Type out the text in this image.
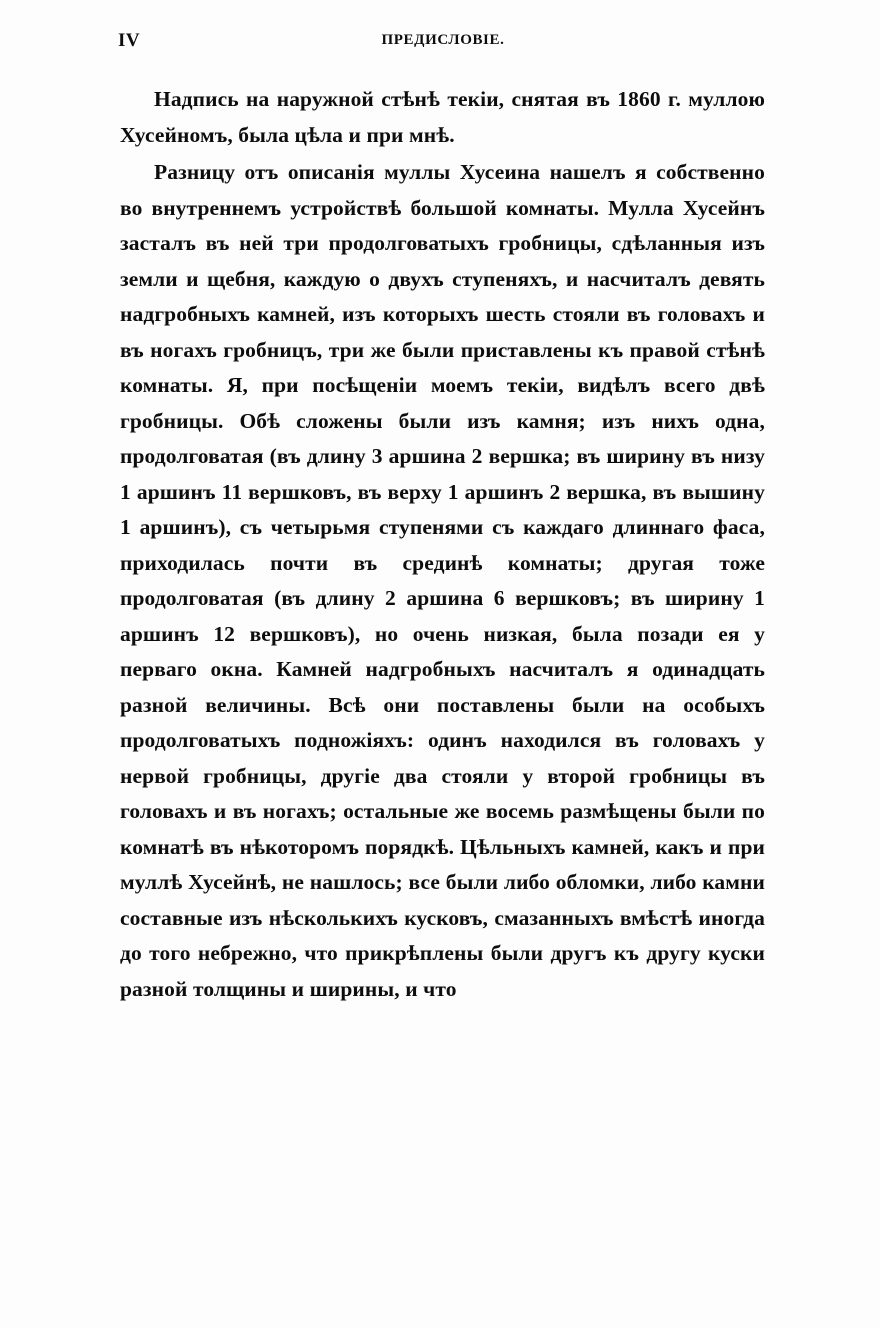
IV	ПРЕДИСЛОВІЕ.

Надпись на наружной стѣнѣ текіи, снятая въ 1860 г. муллою Хусейномъ, была цѣла и при мнѣ.

Разницу отъ описанія муллы Хусеина нашелъ я собственно во внутреннемъ устройствѣ большой комнаты. Мулла Хусейнъ засталъ въ ней три продолговатыхъ гробницы, сдѣланныя изъ земли и щебня, каждую о двухъ ступеняхъ, и насчиталъ девять надгробныхъ камней, изъ которыхъ шесть стояли въ головахъ и въ ногахъ гробницъ, три же были приставлены къ правой стѣнѣ комнаты. Я, при посѣщеніи моемъ текіи, видѣлъ всего двѣ гробницы. Обѣ сложены были изъ камня; изъ нихъ одна, продолговатая (въ длину 3 аршина 2 вершка; въ ширину въ низу 1 аршинъ 11 вершковъ, въ верху 1 аршинъ 2 вершка, въ вышину 1 аршинъ), съ четырьмя ступенями съ каждаго длиннаго фаса, приходилась почти въ срединѣ комнаты; другая тоже продолговатая (въ длину 2 аршина 6 вершковъ; въ ширину 1 аршинъ 12 вершковъ), но очень низкая, была позади ея у перваго окна. Камней надгробныхъ насчиталъ я одинадцать разной величины. Всѣ они поставлены были на особыхъ продолговатыхъ подножіяхъ: одинъ находился въ головахъ у нервой гробницы, другіе два стояли у второй гробницы въ головахъ и въ ногахъ; остальные же восемь размѣщены были по комнатѣ въ нѣкоторомъ порядкѣ. Цѣльныхъ камней, какъ и при муллѣ Хусейнѣ, не нашлось; все были либо обломки, либо камни составные изъ нѣсколькихъ кусковъ, смазанныхъ вмѣстѣ иногда до того небрежно, что прикрѣплены были другъ къ другу куски разной толщины и ширины, и что
